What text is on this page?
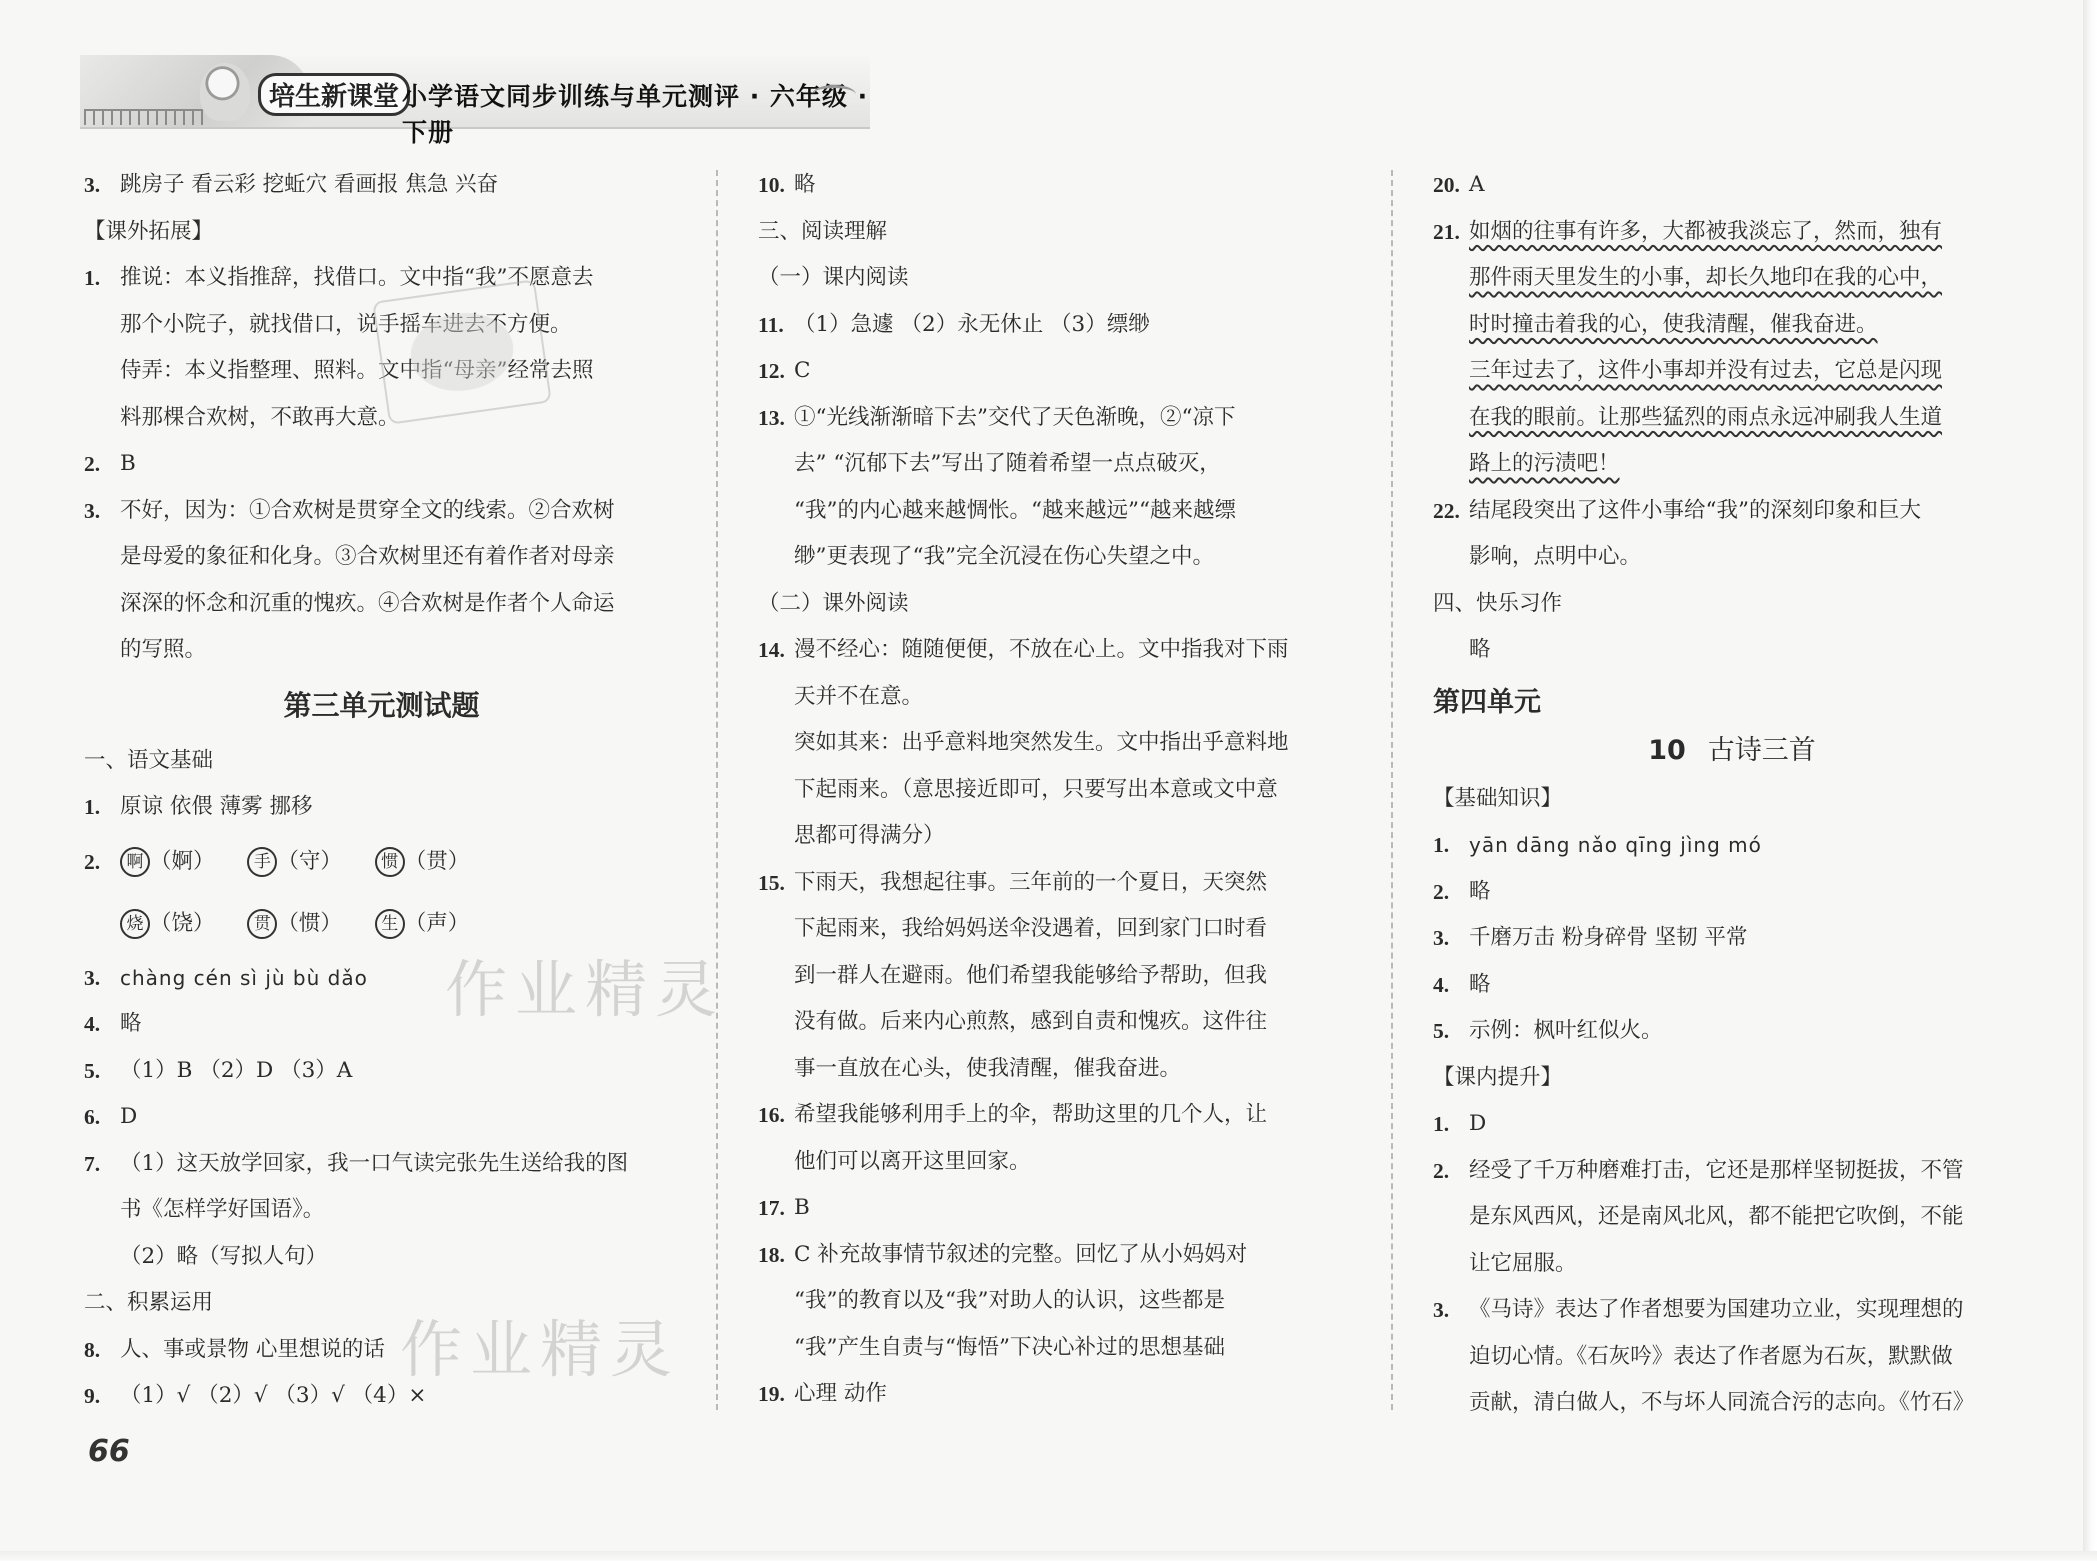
培生新课堂 小学语文同步训练与单元测评 · 六年级 · 下册
3. 跳房子 看云彩 挖蚯穴 看画报 焦急 兴奋
【课外拓展】
1. 推说：本义指推辞，找借口。文中指“我”不愿意去
那个小院子，就找借口，说手摇车进去不方便。
侍弄：本义指整理、照料。文中指“母亲”经常去照
料那棵合欢树，不敢再大意。
2. B
3. 不好，因为：①合欢树是贯穿全文的线索。②合欢树
是母爱的象征和化身。③合欢树里还有着作者对母亲
深深的怀念和沉重的愧疚。④合欢树是作者个人命运
的写照。
第三单元测试题
一、语文基础
1. 原谅 依偎 薄雾 挪移
2. 啊 （婀） 手 （守） 惯 （贯）
烧 （饶） 贯 （惯） 生 （声）
3. chàng cén sì jù bù dǎo
4. 略
5. （1）B （2）D （3）A
6. D
7. （1）这天放学回家，我一口气读完张先生送给我的图
书《怎样学好国语》。
（2）略（写拟人句）
二、积累运用
8. 人、事或景物 心里想说的话
9. （1）√ （2）√ （3）√ （4）×
10. 略
三、阅读理解
（一）课内阅读
11. （1）急遽 （2）永无休止 （3）缥缈
12. C
13. ①“光线渐渐暗下去”交代了天色渐晚，②“凉下
去” “沉郁下去”写出了随着希望一点点破灭，
“我”的内心越来越惆怅。“越来越远”“越来越缥
缈”更表现了“我”完全沉浸在伤心失望之中。
（二）课外阅读
14. 漫不经心：随随便便，不放在心上。文中指我对下雨
天并不在意。
突如其来：出乎意料地突然发生。文中指出乎意料地
下起雨来。（意思接近即可，只要写出本意或文中意
思都可得满分）
15. 下雨天，我想起往事。三年前的一个夏日，天突然
下起雨来，我给妈妈送伞没遇着，回到家门口时看
到一群人在避雨。他们希望我能够给予帮助，但我
没有做。后来内心煎熬，感到自责和愧疚。这件往
事一直放在心头，使我清醒，催我奋进。
16. 希望我能够利用手上的伞，帮助这里的几个人，让
他们可以离开这里回家。
17. B
18. C 补充故事情节叙述的完整。回忆了从小妈妈对
“我”的教育以及“我”对助人的认识，这些都是
“我”产生自责与“悔悟”下决心补过的思想基础
19. 心理 动作
20. A
21. 如烟的往事有许多，大都被我淡忘了，然而，独有
那件雨天里发生的小事，却长久地印在我的心中，
时时撞击着我的心，使我清醒，催我奋进。
三年过去了，这件小事却并没有过去，它总是闪现
在我的眼前。让那些猛烈的雨点永远冲刷我人生道
路上的污渍吧！
22. 结尾段突出了这件小事给“我”的深刻印象和巨大
影响，点明中心。
四、快乐习作
略
第四单元
10 古诗三首
【基础知识】
1. yān dāng nǎo qīng jìng mó
2. 略
3. 千磨万击 粉身碎骨 坚韧 平常
4. 略
5. 示例：枫叶红似火。
【课内提升】
1. D
2. 经受了千万种磨难打击，它还是那样坚韧挺拔，不管
是东风西风，还是南风北风，都不能把它吹倒，不能
让它屈服。
3. 《马诗》表达了作者想要为国建功立业，实现理想的
迫切心情。《石灰吟》表达了作者愿为石灰，默默做
贡献，清白做人，不与坏人同流合污的志向。《竹石》
作业精灵
作业精灵
66
